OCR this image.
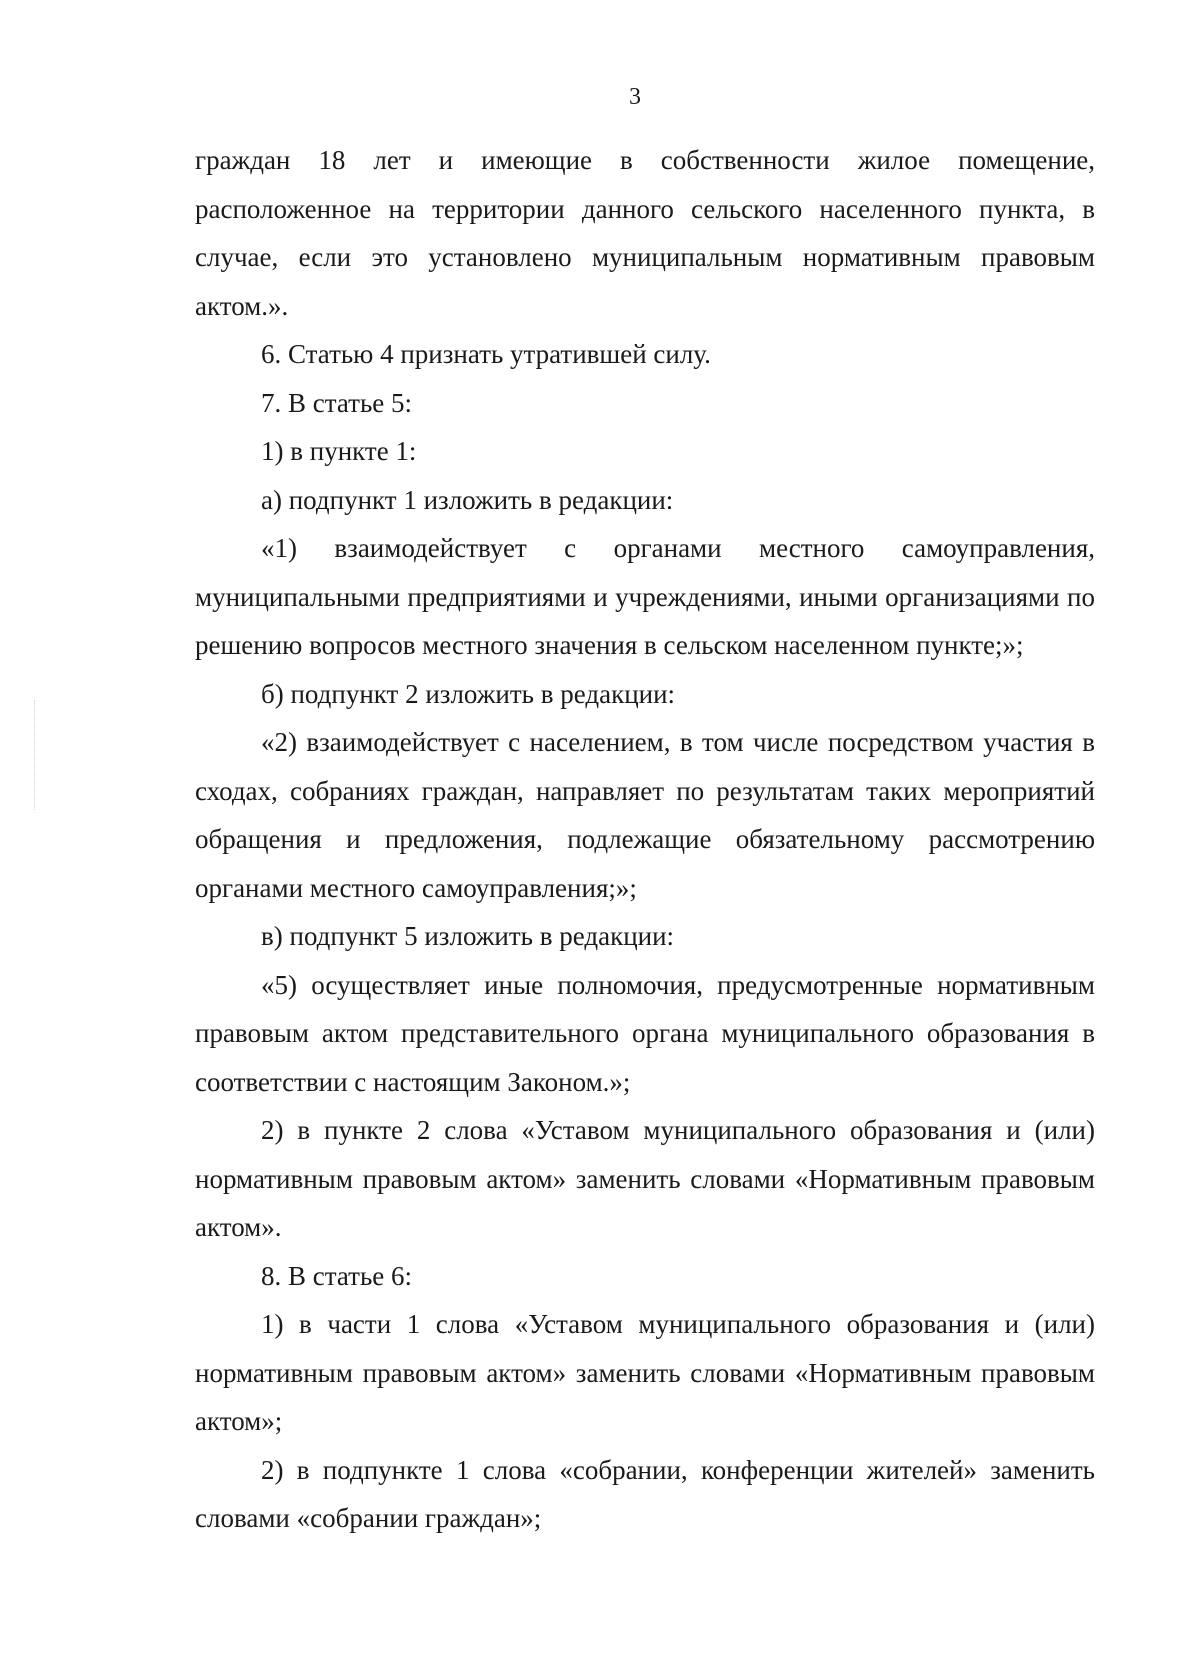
3

граждан 18 лет и имеющие в собственности жилое помещение, расположенное на территории данного сельского населенного пункта, в случае, если это установлено муниципальным нормативным правовым актом.».

6. Статью 4 признать утратившей силу.

7. В статье 5:

1) в пункте 1:

а) подпункт 1 изложить в редакции:

«1) взаимодействует с органами местного самоуправления, муниципальными предприятиями и учреждениями, иными организациями по решению вопросов местного значения в сельском населенном пункте;»;

б) подпункт 2 изложить в редакции:

«2) взаимодействует с населением, в том числе посредством участия в сходах, собраниях граждан, направляет по результатам таких мероприятий обращения и предложения, подлежащие обязательному рассмотрению органами местного самоуправления;»;

в) подпункт 5 изложить в редакции:

«5) осуществляет иные полномочия, предусмотренные нормативным правовым актом представительного органа муниципального образования в соответствии с настоящим Законом.»;

2) в пункте 2 слова «Уставом муниципального образования и (или) нормативным правовым актом» заменить словами «Нормативным правовым актом».

8. В статье 6:

1) в части 1 слова «Уставом муниципального образования и (или) нормативным правовым актом» заменить словами «Нормативным правовым актом»;

2) в подпункте 1 слова «собрании, конференции жителей» заменить словами «собрании граждан»;
